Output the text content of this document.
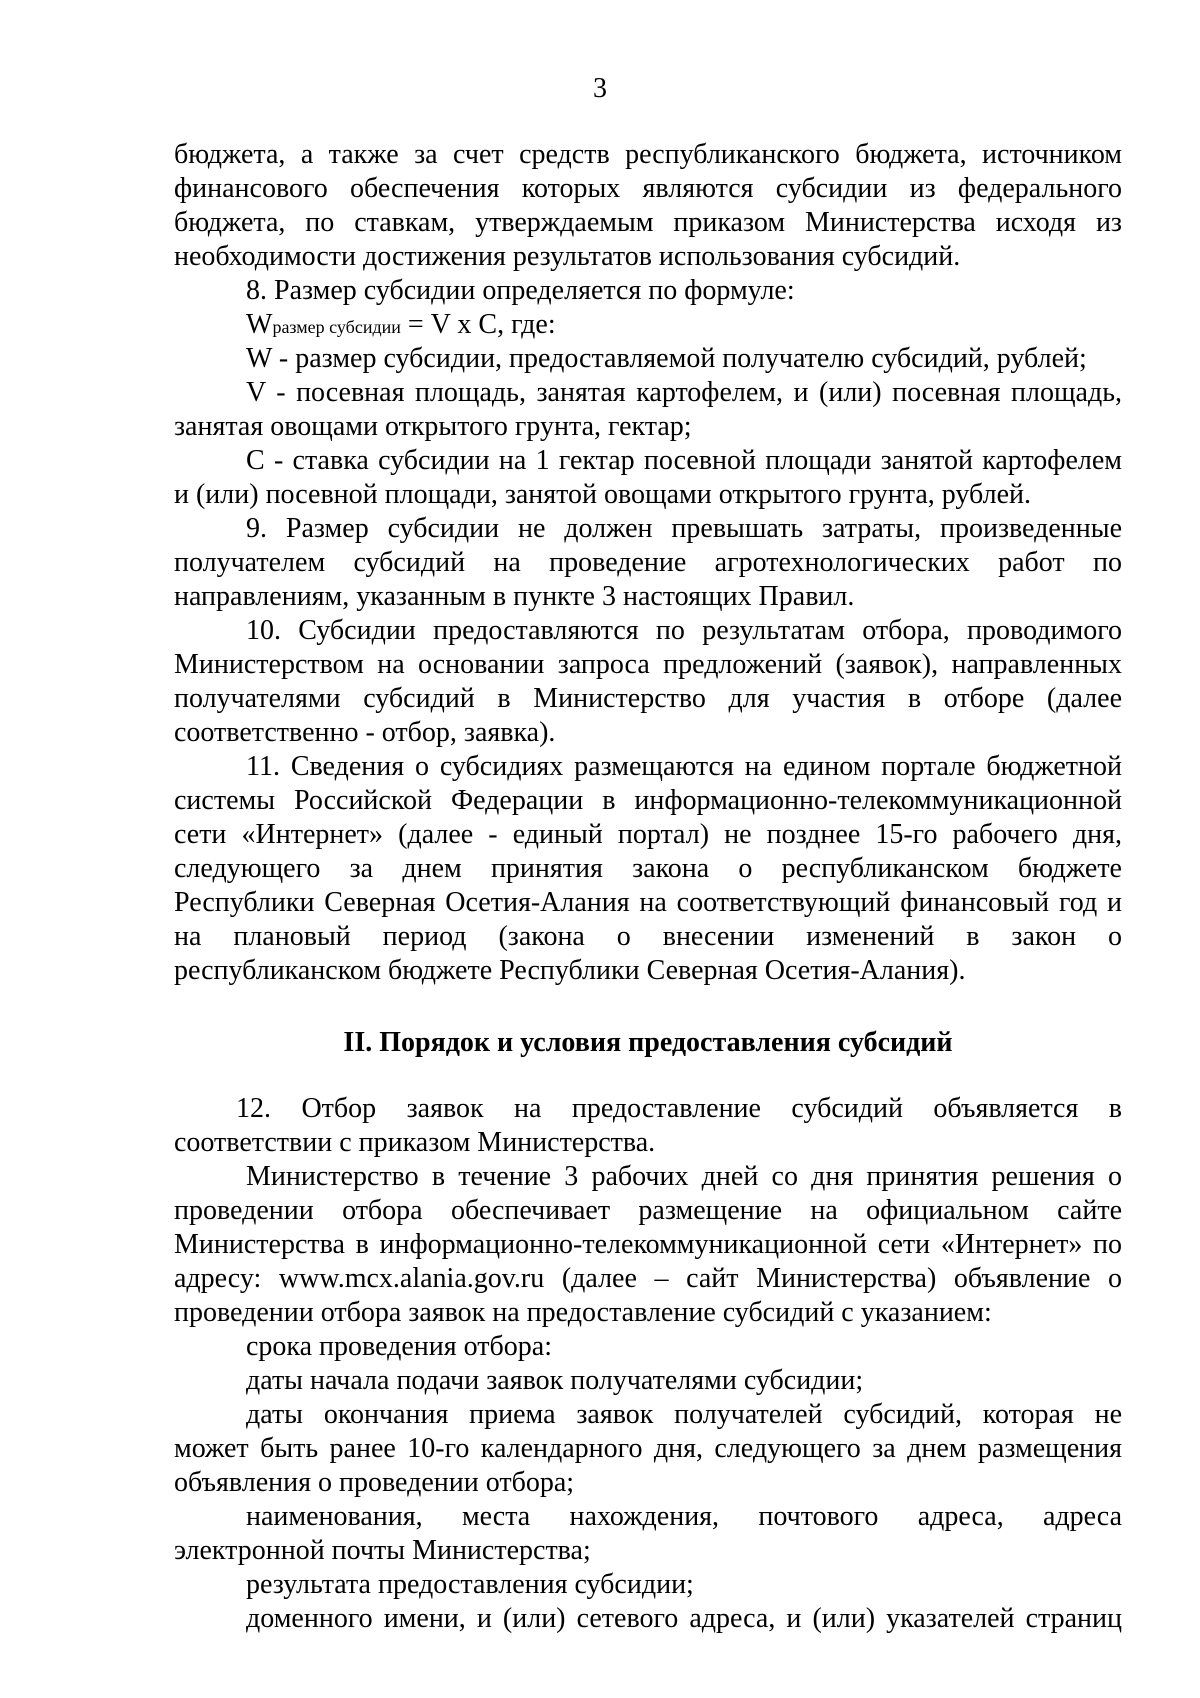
3
бюджета, а также за счет средств республиканского бюджета, источником
финансового обеспечения которых являются субсидии из федерального
бюджета, по ставкам, утверждаемым приказом Министерства исходя из
необходимости достижения результатов использования субсидий.
8. Размер субсидии определяется по формуле:
Wразмер субсидии = V x C, где:
W - размер субсидии, предоставляемой получателю субсидий, рублей;
V - посевная площадь, занятая картофелем, и (или) посевная площадь,
занятая овощами открытого грунта, гектар;
C - ставка субсидии на 1 гектар посевной площади занятой картофелем
и (или) посевной площади, занятой овощами открытого грунта, рублей.
9. Размер субсидии не должен превышать затраты, произведенные
получателем субсидий на проведение агротехнологических работ по
направлениям, указанным в пункте 3 настоящих Правил.
10. Субсидии предоставляются по результатам отбора, проводимого
Министерством на основании запроса предложений (заявок), направленных
получателями субсидий в Министерство для участия в отборе (далее
соответственно - отбор, заявка).
11. Сведения о субсидиях размещаются на едином портале бюджетной
системы Российской Федерации в информационно-телекоммуникационной
сети «Интернет» (далее - единый портал) не позднее 15-го рабочего дня,
следующего за днем принятия закона о республиканском бюджете
Республики Северная Осетия-Алания на соответствующий финансовый год и
на плановый период (закона о внесении изменений в закон о
республиканском бюджете Республики Северная Осетия-Алания).
II. Порядок и условия предоставления субсидий
12. Отбор заявок на предоставление субсидий объявляется в
соответствии с приказом Министерства.
Министерство в течение 3 рабочих дней со дня принятия решения о
проведении отбора обеспечивает размещение на официальном сайте
Министерства в информационно-телекоммуникационной сети «Интернет» по
адресу: www.mcx.alania.gov.ru (далее – сайт Министерства) объявление о
проведении отбора заявок на предоставление субсидий с указанием:
срока проведения отбора:
даты начала подачи заявок получателями субсидии;
даты окончания приема заявок получателей субсидий, которая не
может быть ранее 10-го календарного дня, следующего за днем размещения
объявления о проведении отбора;
наименования, места нахождения, почтового адреса, адреса
электронной почты Министерства;
результата предоставления субсидии;
доменного имени, и (или) сетевого адреса, и (или) указателей страниц
